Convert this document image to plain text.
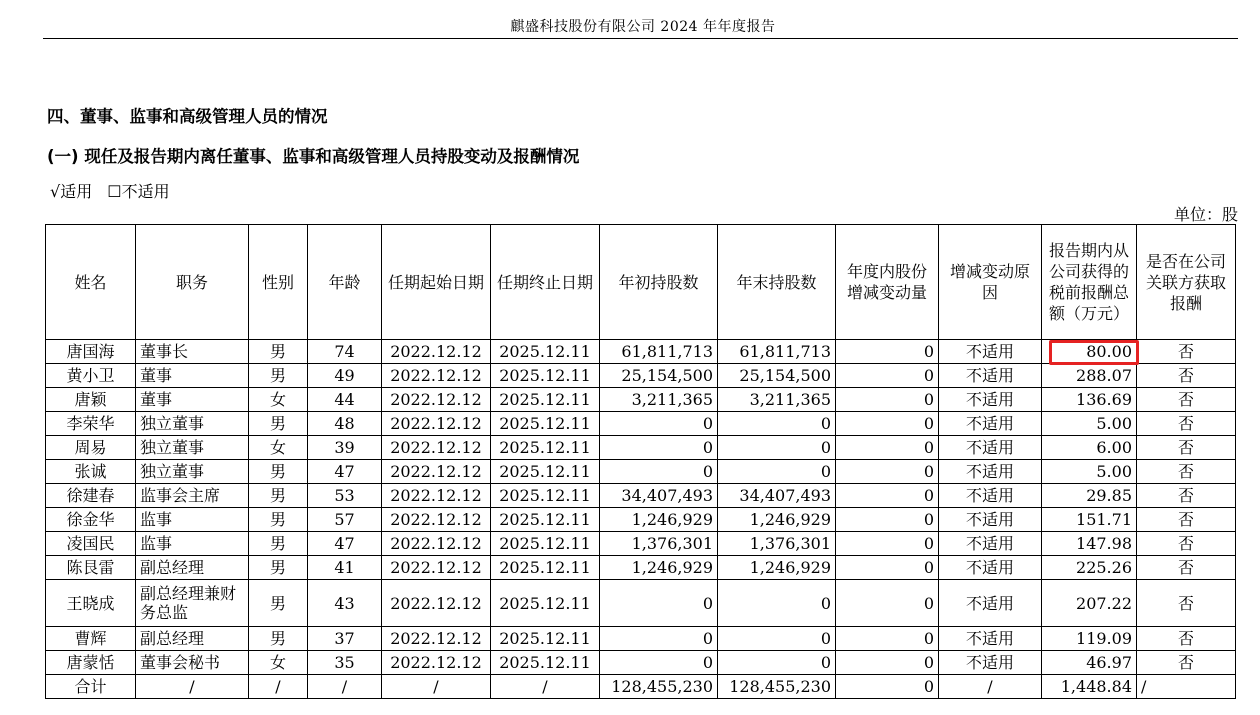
麒盛科技股份有限公司 2024 年年度报告
四、董事、监事和高级管理人员的情况
(一) 现任及报告期内离任董事、监事和高级管理人员持股变动及报酬情况
√适用 ☐不适用
单位：股
姓名	职务	性别	年龄	任期起始日期	任期终止日期	年初持股数	年末持股数	年度内股份增减变动量	增减变动原因	报告期内从公司获得的税前报酬总额（万元）	是否在公司关联方获取报酬
唐国海	董事长	男	74	2022.12.12	2025.12.11	61,811,713	61,811,713	0	不适用	80.00	否
黄小卫	董事	男	49	2022.12.12	2025.12.11	25,154,500	25,154,500	0	不适用	288.07	否
唐颖	董事	女	44	2022.12.12	2025.12.11	3,211,365	3,211,365	0	不适用	136.69	否
李荣华	独立董事	男	48	2022.12.12	2025.12.11	0	0	0	不适用	5.00	否
周易	独立董事	女	39	2022.12.12	2025.12.11	0	0	0	不适用	6.00	否
张诚	独立董事	男	47	2022.12.12	2025.12.11	0	0	0	不适用	5.00	否
徐建春	监事会主席	男	53	2022.12.12	2025.12.11	34,407,493	34,407,493	0	不适用	29.85	否
徐金华	监事	男	57	2022.12.12	2025.12.11	1,246,929	1,246,929	0	不适用	151.71	否
凌国民	监事	男	47	2022.12.12	2025.12.11	1,376,301	1,376,301	0	不适用	147.98	否
陈艮雷	副总经理	男	41	2022.12.12	2025.12.11	1,246,929	1,246,929	0	不适用	225.26	否
王晓成	副总经理兼财务总监	男	43	2022.12.12	2025.12.11	0	0	0	不适用	207.22	否
曹辉	副总经理	男	37	2022.12.12	2025.12.11	0	0	0	不适用	119.09	否
唐蒙恬	董事会秘书	女	35	2022.12.12	2025.12.11	0	0	0	不适用	46.97	否
合计	/	/	/	/	/	128,455,230	128,455,230	0	/	1,448.84	/
